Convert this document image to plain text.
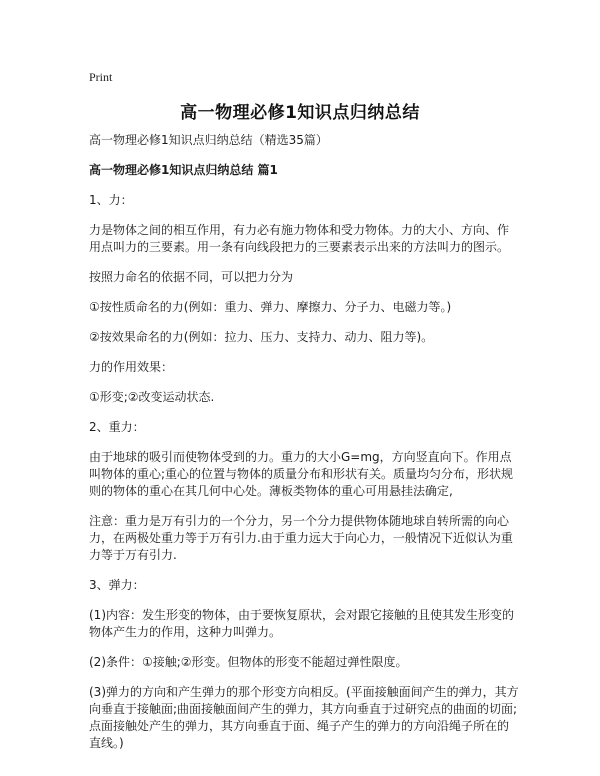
Print
高一物理必修1知识点归纳总结

高一物理必修1知识点归纳总结（精选35篇）

高一物理必修1知识点归纳总结 篇1

1、力：

力是物体之间的相互作用，有力必有施力物体和受力物体。力的大小、方向、作用点叫力的三要素。用一条有向线段把力的三要素表示出来的方法叫力的图示。

按照力命名的依据不同，可以把力分为

①按性质命名的力(例如：重力、弹力、摩擦力、分子力、电磁力等。)

②按效果命名的力(例如：拉力、压力、支持力、动力、阻力等)。

力的作用效果：

①形变;②改变运动状态.

2、重力：

由于地球的吸引而使物体受到的力。重力的大小G=mg，方向竖直向下。作用点叫物体的重心;重心的位置与物体的质量分布和形状有关。质量均匀分布，形状规则的物体的重心在其几何中心处。薄板类物体的重心可用悬挂法确定,

注意：重力是万有引力的一个分力，另一个分力提供物体随地球自转所需的向心力，在两极处重力等于万有引力.由于重力远大于向心力，一般情况下近似认为重力等于万有引力.

3、弹力：

(1)内容：发生形变的物体，由于要恢复原状，会对跟它接触的且使其发生形变的物体产生力的作用，这种力叫弹力。

(2)条件：①接触;②形变。但物体的形变不能超过弹性限度。

(3)弹力的方向和产生弹力的那个形变方向相反。(平面接触面间产生的弹力，其方向垂直于接触面;曲面接触面间产生的弹力，其方向垂直于过研究点的曲面的切面;点面接触处产生的弹力，其方向垂直于面、绳子产生的弹力的方向沿绳子所在的直线。)
